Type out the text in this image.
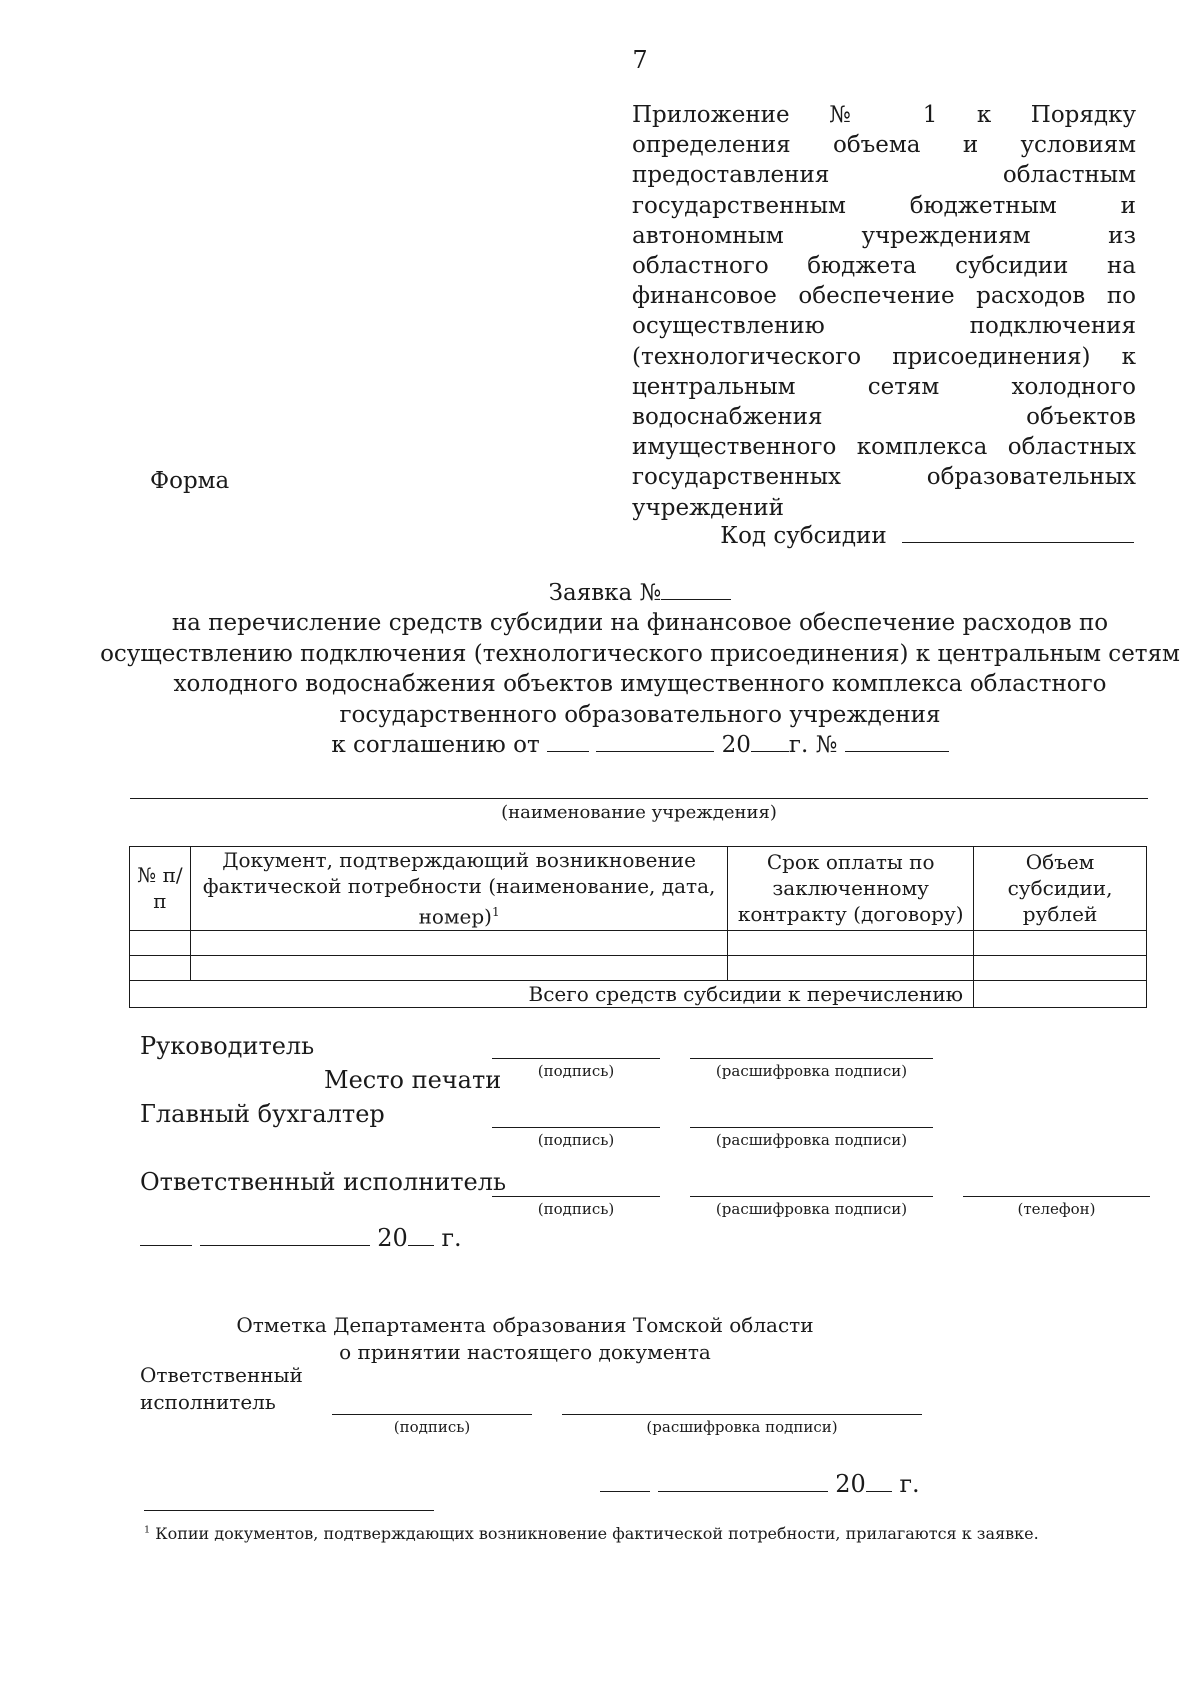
7
Приложение № 1 к Порядку определения объема и условиям предоставления областным государственным бюджетным и автономным учреждениям из областного бюджета субсидии на финансовое обеспечение расходов по осуществлению подключения (технологического присоединения) к центральным сетям холодного водоснабжения объектов имущественного комплекса областных государственных образовательных учреждений
Форма
Код субсидии
Заявка №
на перечисление средств субсидии на финансовое обеспечение расходов по
осуществлению подключения (технологического присоединения) к центральным сетям
холодного водоснабжения объектов имущественного комплекса областного
государственного образовательного учреждения
к соглашению от	20 г. №
(наименование учреждения)
№ п/п	Документ, подтверждающий возникновение фактической потребности (наименование, дата, номер)$^1$	Срок оплаты по заключенному контракту (договору)	Объем субсидии, рублей

Всего средств субсидии к перечислению			
Руководитель
Место печати	(подпись)	(расшифровка подписи)
Главный бухгалтер
(подпись)	(расшифровка подписи)
Ответственный исполнитель
(подпись)	(расшифровка подписи)	(телефон)
20 г.
Отметка Департамента образования Томской области
о принятии настоящего документа
Ответственный
исполнитель
(подпись)	(расшифровка подписи)
20 г.
$^1$ Копии документов, подтверждающих возникновение фактической потребности, прилагаются к заявке.
